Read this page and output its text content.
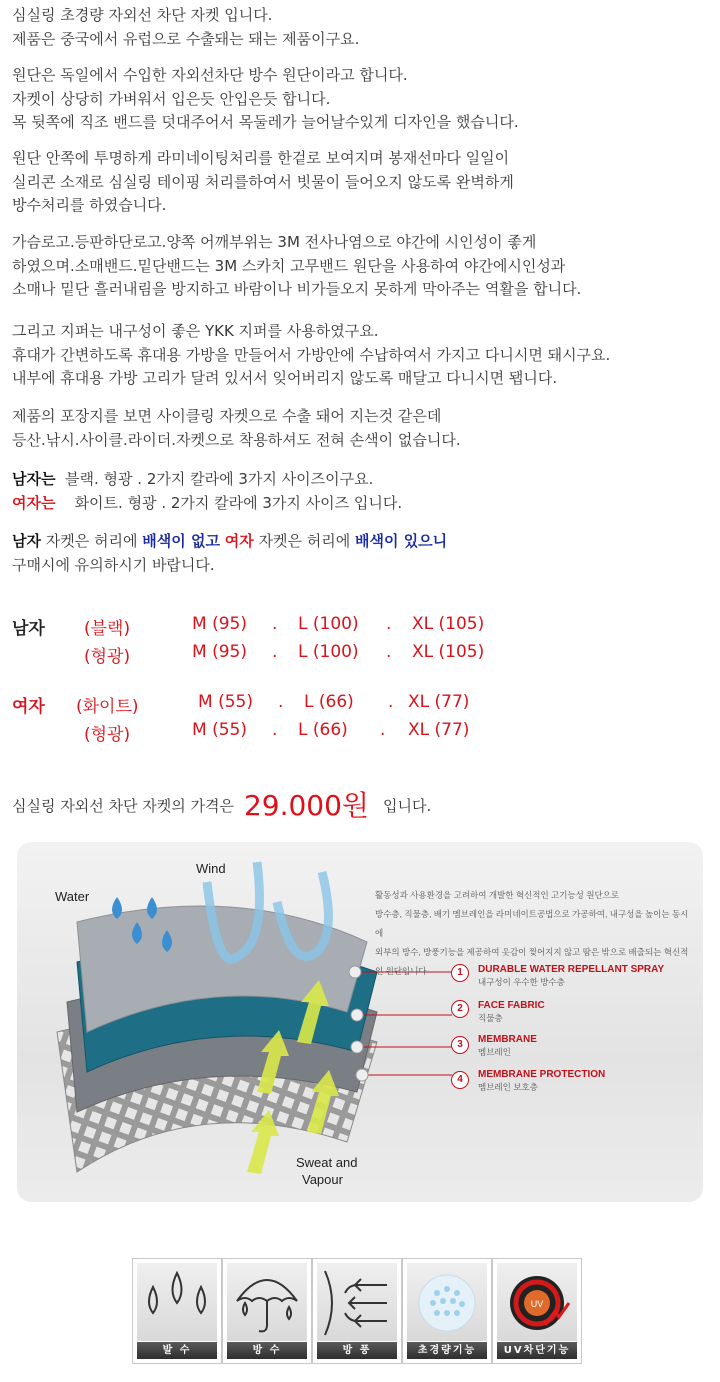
심실링 초경량 자외선 차단 자켓 입니다.
제품은 중국에서 유럽으로 수출돼는 돼는 제품이구요.
원단은 독일에서 수입한 자외선차단 방수 원단이라고 합니다.
자켓이 상당히 가벼워서 입은듯 안입은듯 합니다.
목 뒷쪽에 직조 밴드를 덧대주어서 목둘레가 늘어날수있게 디자인을 했습니다.
원단 안쪽에 투명하게 라미네이팅처리를 한겉로 보여지며 봉재선마다 일일이
실리콘 소재로 심실링 테이핑 처리를하여서 빗물이 들어오지 않도록 완벽하게
방수처리를 하였습니다.
가슴로고.등판하단로고.양쪽 어깨부위는 3M 전사나염으로 야간에 시인성이 좋게
하였으며.소매밴드.밑단밴드는 3M 스카치 고무밴드 원단을 사용하여 야간에시인성과
소매나 밑단 흘러내림을 방지하고 바람이나 비가들오지 못하게 막아주는 역활을 합니다.
그리고 지퍼는 내구성이 좋은 YKK 지퍼를 사용하였구요.
휴대가 간변하도록 휴대용 가방을 만들어서 가방안에 수납하여서 가지고 다니시면 돼시구요.
내부에 휴대용 가방 고리가 달려 있서서 잊어버리지 않도록 매달고 다니시면 됍니다.
제품의 포장지를 보면 사이클링 자켓으로 수출 돼어 지는것 같은데
등산.낚시.사이클.라이더.자켓으로 착용하셔도 전혀 손색이 없습니다.
남자는 블랙. 형광 . 2가지 칼라에 3가지 사이즈이구요.
여자는 화이트. 형광 . 2가지 칼라에 3가지 사이즈 입니다.
남자 자켓은 허리에 배색이 없고 여자 자켓은 허리에 배색이 있으니
구매시에 유의하시기 바랍니다.
남자 (블랙)	M (95) . L (100) . XL (105)
(형광)	M (95) . L (100) . XL (105)
여자 (화이트)	M (55) . L (66) . XL (77)
(형광)	M (55) . L (66) . XL (77)
심실링 자외선 차단 자켓의 가격은 29.000원 입니다.
Wind
Water
Sweat and
Vapour
활동성과 사용환경을 고려하여 개발한 혁신적인 고기능성 원단으로
방수층, 직물층, 배기 멤브레인을 라미네이트공법으로 가공하여, 내구성을 높이는 동시에
외부의 방수, 방풍기능을 제공하여 옷감이 찢어지지 않고 땀은 밖으로 배출되는 혁신적인 원단입니다	1	DURABLE WATER REPELLANT SPRAY
내구성이 우수한 방수층
2	FACE FABRIC
직물층
3	MEMBRANE
멤브레인
4	MEMBRANE PROTECTION
멤브레인 보호층
발 수	방 수	방 풍	초경량기능
UV
UV차단기능
